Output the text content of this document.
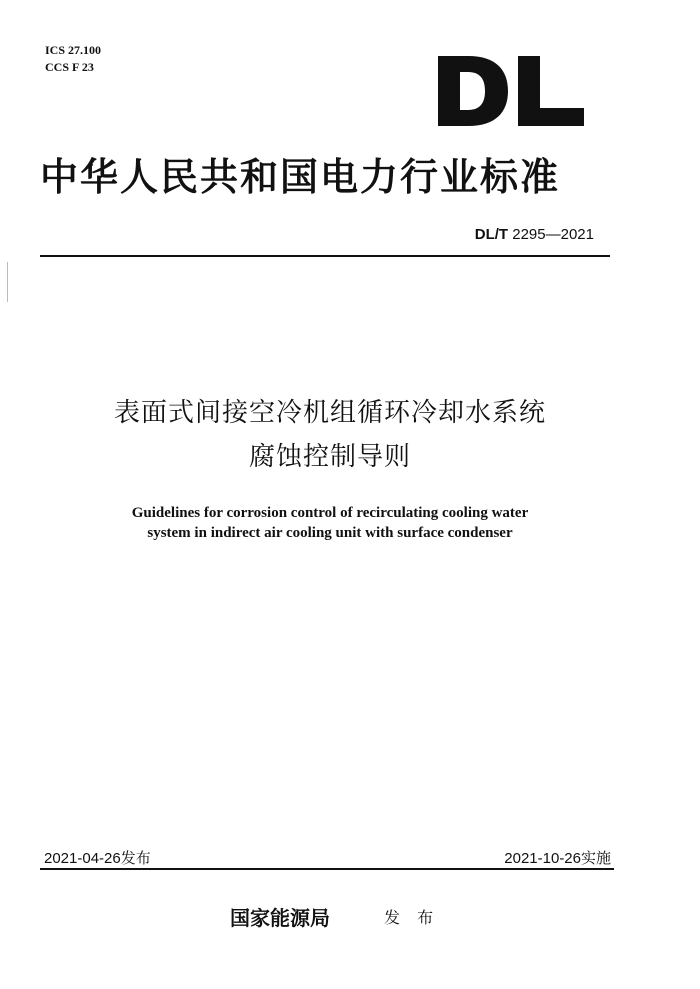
ICS 27.100
CCS F 23
中华人民共和国电力行业标准
DL/T 2295—2021
表面式间接空冷机组循环冷却水系统
腐蚀控制导则
Guidelines for corrosion control of recirculating cooling water
system in indirect air cooling unit with surface condenser
2021-04-26发布	2021-10-26实施
国家能源局	发 布
